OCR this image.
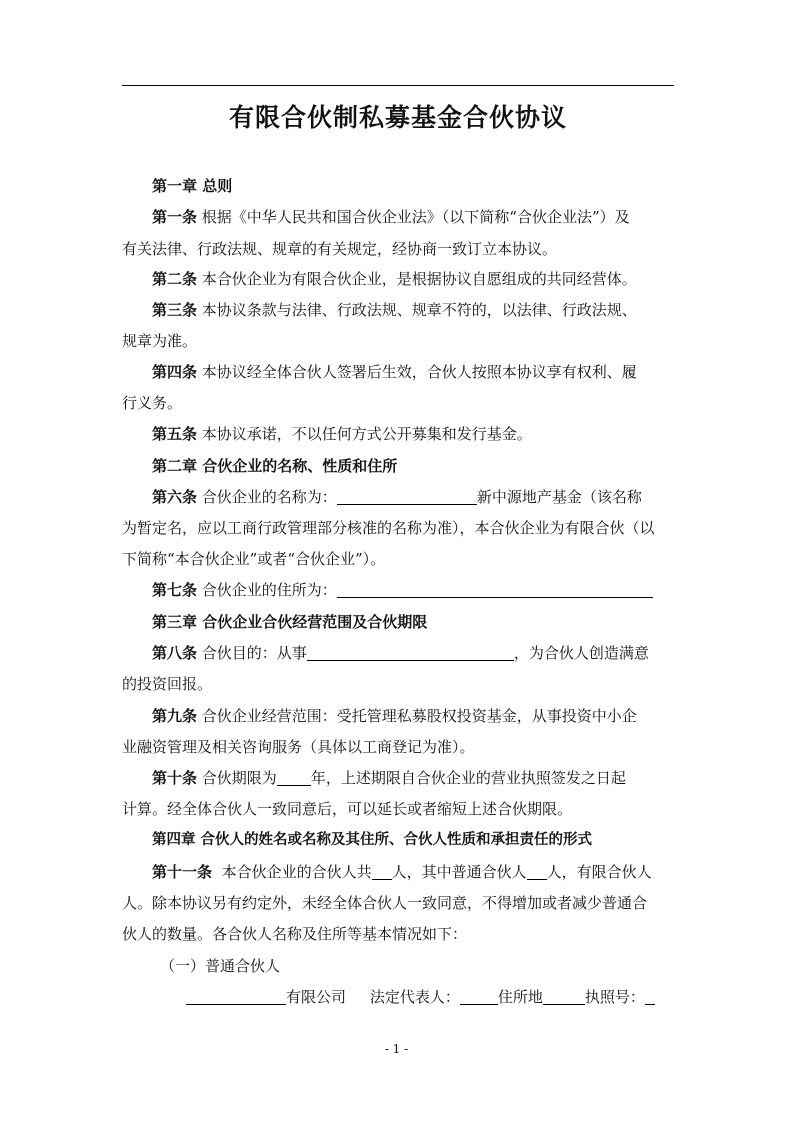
有限合伙制私募基金合伙协议
第一章 总则
第一条 根据《中华人民共和国合伙企业法》（以下简称“合伙企业法”）及
有关法律、行政法规、规章的有关规定，经协商一致订立本协议。
第二条 本合伙企业为有限合伙企业，是根据协议自愿组成的共同经营体。
第三条 本协议条款与法律、行政法规、规章不符的，以法律、行政法规、
规章为准。
第四条 本协议经全体合伙人签署后生效，合伙人按照本协议享有权利、履
行义务。
第五条 本协议承诺，不以任何方式公开募集和发行基金。
第二章 合伙企业的名称、性质和住所
第六条 合伙企业的名称为：	新中源地产基金（该名称
为暂定名，应以工商行政管理部分核准的名称为准），本合伙企业为有限合伙（以
下简称“本合伙企业”或者“合伙企业”）。
第七条 合伙企业的住所为：
第三章 合伙企业合伙经营范围及合伙期限
第八条 合伙目的：从事	，为合伙人创造满意
的投资回报。
第九条 合伙企业经营范围：受托管理私募股权投资基金，从事投资中小企
业融资管理及相关咨询服务（具体以工商登记为准）。
第十条 合伙期限为 年，上述期限自合伙企业的营业执照签发之日起
计算。经全体合伙人一致同意后，可以延长或者缩短上述合伙期限。
第四章 合伙人的姓名或名称及其住所、合伙人性质和承担责任的形式
第十一条 本合伙企业的合伙人共 人，其中普通合伙人 人，有限合伙人
人。除本协议另有约定外，未经全体合伙人一致同意，不得增加或者减少普通合
伙人的数量。各合伙人名称及住所等基本情况如下：
（一）普通合伙人
有限公司 法定代表人：	住所地	执照号：
- 1 -
